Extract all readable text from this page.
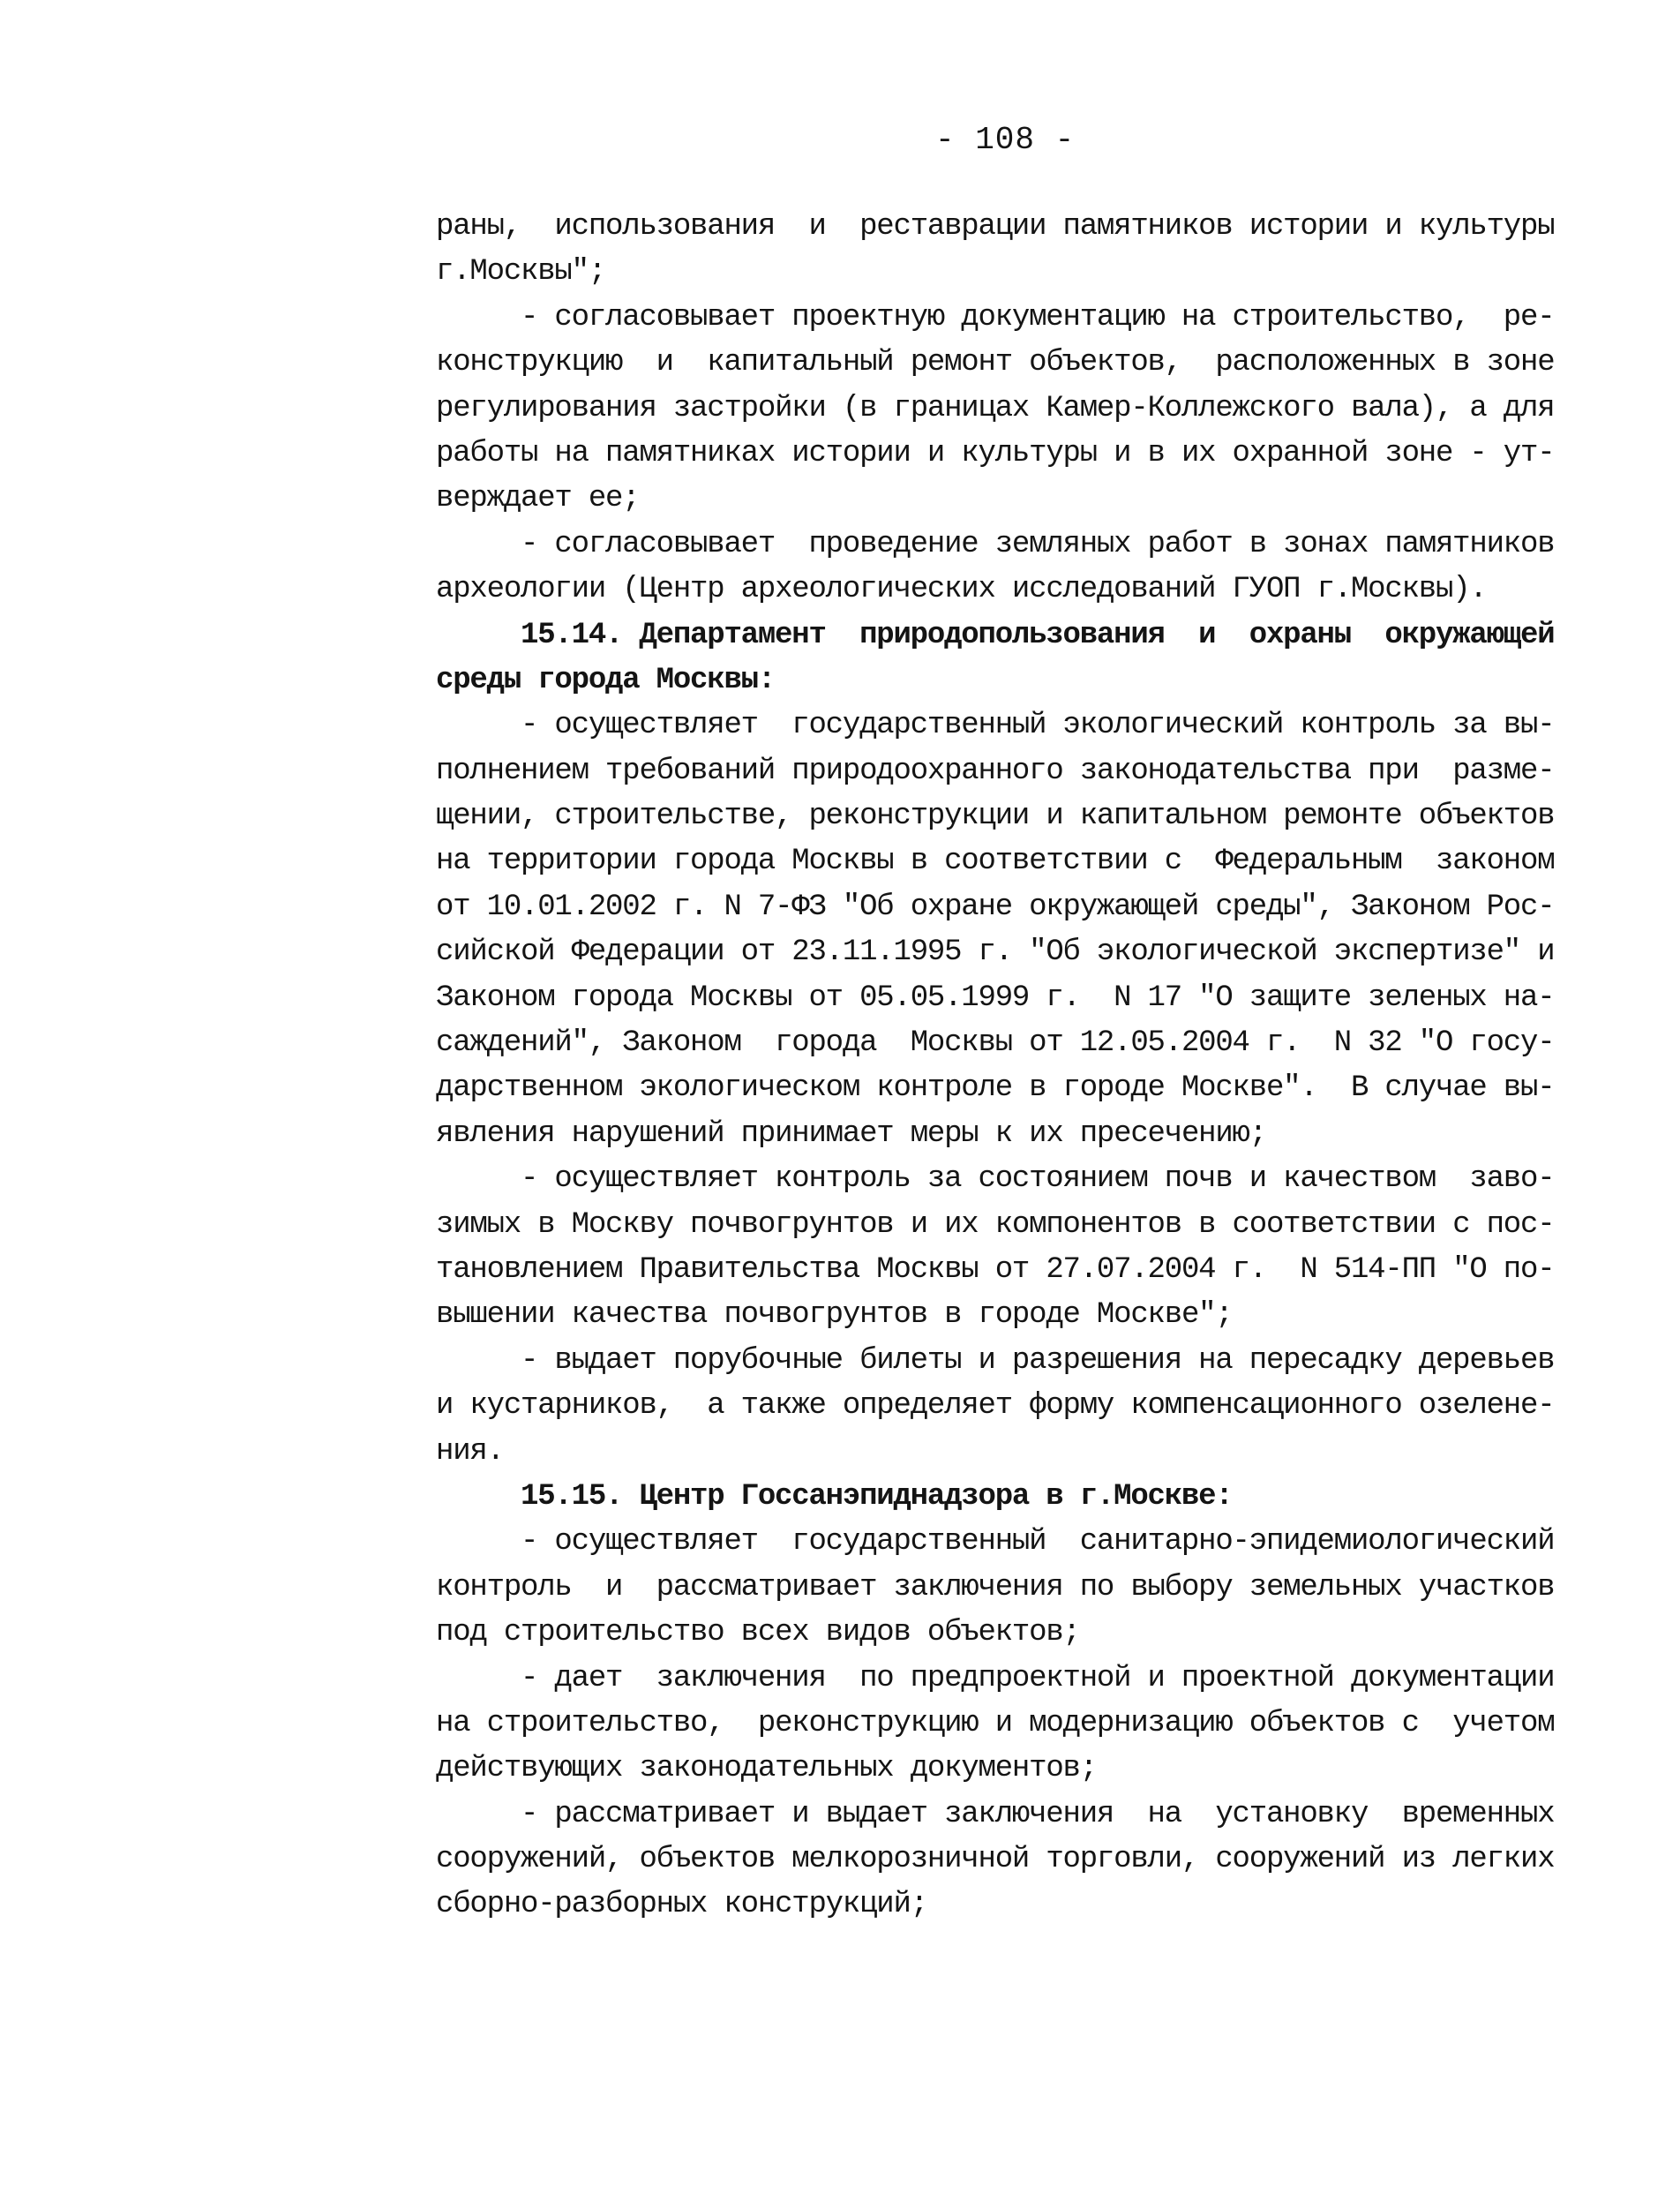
- 108 -
раны,  использования  и  реставрации памятников истории и культуры
г.Москвы";
- согласовывает проектную документацию на строительство,  ре-
конструкцию  и  капитальный ремонт объектов,  расположенных в зоне
регулирования застройки (в границах Камер-Коллежского вала), а для
работы на памятниках истории и культуры и в их охранной зоне - ут-
верждает ее;
- согласовывает  проведение земляных работ в зонах памятников
археологии (Центр археологических исследований ГУОП г.Москвы).
15.14. Департамент  природопользования  и  охраны  окружающей
среды города Москвы:
- осуществляет  государственный экологический контроль за вы-
полнением требований природоохранного законодательства при  разме-
щении, строительстве, реконструкции и капитальном ремонте объектов
на территории города Москвы в соответствии с  Федеральным  законом
от 10.01.2002 г. N 7-ФЗ "Об охране окружающей среды", Законом Рос-
сийской Федерации от 23.11.1995 г. "Об экологической экспертизе" и
Законом города Москвы от 05.05.1999 г.  N 17 "О защите зеленых на-
саждений", Законом  города  Москвы от 12.05.2004 г.  N 32 "О госу-
дарственном экологическом контроле в городе Москве".  В случае вы-
явления нарушений принимает меры к их пресечению;
- осуществляет контроль за состоянием почв и качеством  заво-
зимых в Москву почвогрунтов и их компонентов в соответствии с пос-
тановлением Правительства Москвы от 27.07.2004 г.  N 514-ПП "О по-
вышении качества почвогрунтов в городе Москве";
- выдает порубочные билеты и разрешения на пересадку деревьев
и кустарников,  а также определяет форму компенсационного озелене-
ния.
15.15. Центр Госсанэпиднадзора в г.Москве:
- осуществляет  государственный  санитарно-эпидемиологический
контроль  и  рассматривает заключения по выбору земельных участков
под строительство всех видов объектов;
- дает  заключения  по предпроектной и проектной документации
на строительство,  реконструкцию и модернизацию объектов с  учетом
действующих законодательных документов;
- рассматривает и выдает заключения  на  установку  временных
сооружений, объектов мелкорозничной торговли, сооружений из легких
сборно-разборных конструкций;
